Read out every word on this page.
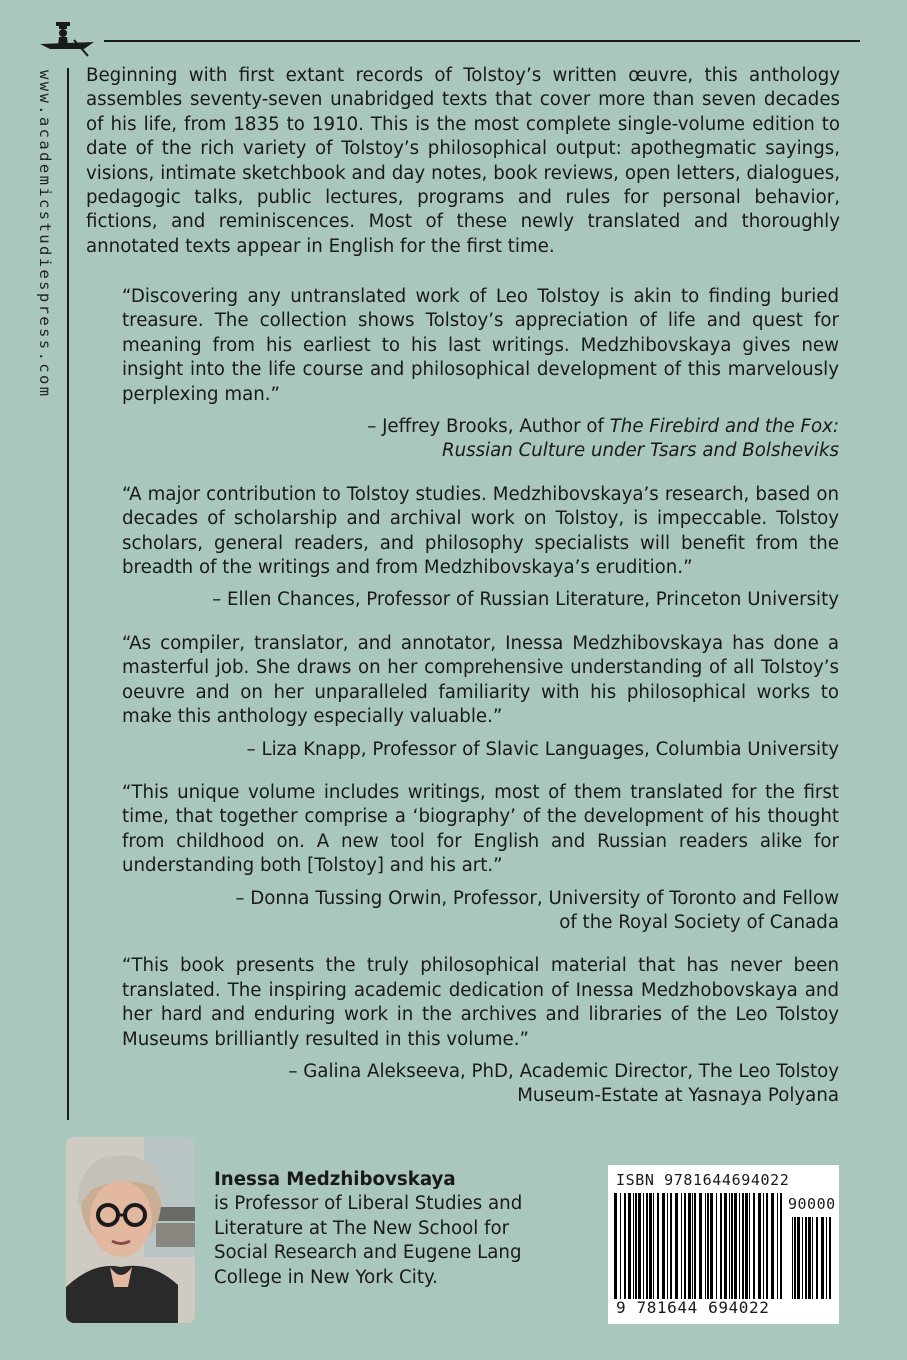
www.academicstudiespress.com Beginning with first extant records of Tolstoy’s written œuvre, this anthology assembles seventy-seven unabridged texts that cover more than seven decades of his life, from 1835 to 1910. This is the most complete single-volume edition to date of the rich variety of Tolstoy’s philosophical output: apothegmatic sayings, visions, intimate sketchbook and day notes, book reviews, open letters, dialogues, pedagogic talks, public lectures, programs and rules for personal behavior, fictions, and reminiscences. Most of these newly translated and thoroughly annotated texts appear in English for the first time.

“Discovering any untranslated work of Leo Tolstoy is akin to finding buried treasure. The collection shows Tolstoy’s appreciation of life and quest for meaning from his earliest to his last writings. Medzhibovskaya gives new insight into the life course and philosophical development of this marvelously perplexing man.”

– Jeffrey Brooks, Author of The Firebird and the Fox:
Russian Culture under Tsars and Bolsheviks

“A major contribution to Tolstoy studies. Medzhibovskaya’s research, based on decades of scholarship and archival work on Tolstoy, is impeccable. Tolstoy scholars, general readers, and philosophy specialists will benefit from the breadth of the writings and from Medzhibovskaya’s erudition.”

– Ellen Chances, Professor of Russian Literature, Princeton University

“As compiler, translator, and annotator, Inessa Medzhibovskaya has done a masterful job. She draws on her comprehensive understanding of all Tolstoy’s oeuvre and on her unparalleled familiarity with his philosophical works to make this anthology especially valuable.”

– Liza Knapp, Professor of Slavic Languages, Columbia University

“This unique volume includes writings, most of them translated for the first time, that together comprise a ‘biography’ of the development of his thought from childhood on. A new tool for English and Russian readers alike for understanding both [Tolstoy] and his art.”

– Donna Tussing Orwin, Professor, University of Toronto and Fellow
of the Royal Society of Canada

“This book presents the truly philosophical material that has never been translated. The inspiring academic dedication of Inessa Medzhobovskaya and her hard and enduring work in the archives and libraries of the Leo Tolstoy Museums brilliantly resulted in this volume.”

– Galina Alekseeva, PhD, Academic Director, The Leo Tolstoy
Museum-Estate at Yasnaya Polyana

Inessa Medzhibovskaya
is Professor of Liberal Studies and
Literature at The New School for
Social Research and Eugene Lang
College in New York City.
ISBN 9781644694022
90000
9 781644 694022
